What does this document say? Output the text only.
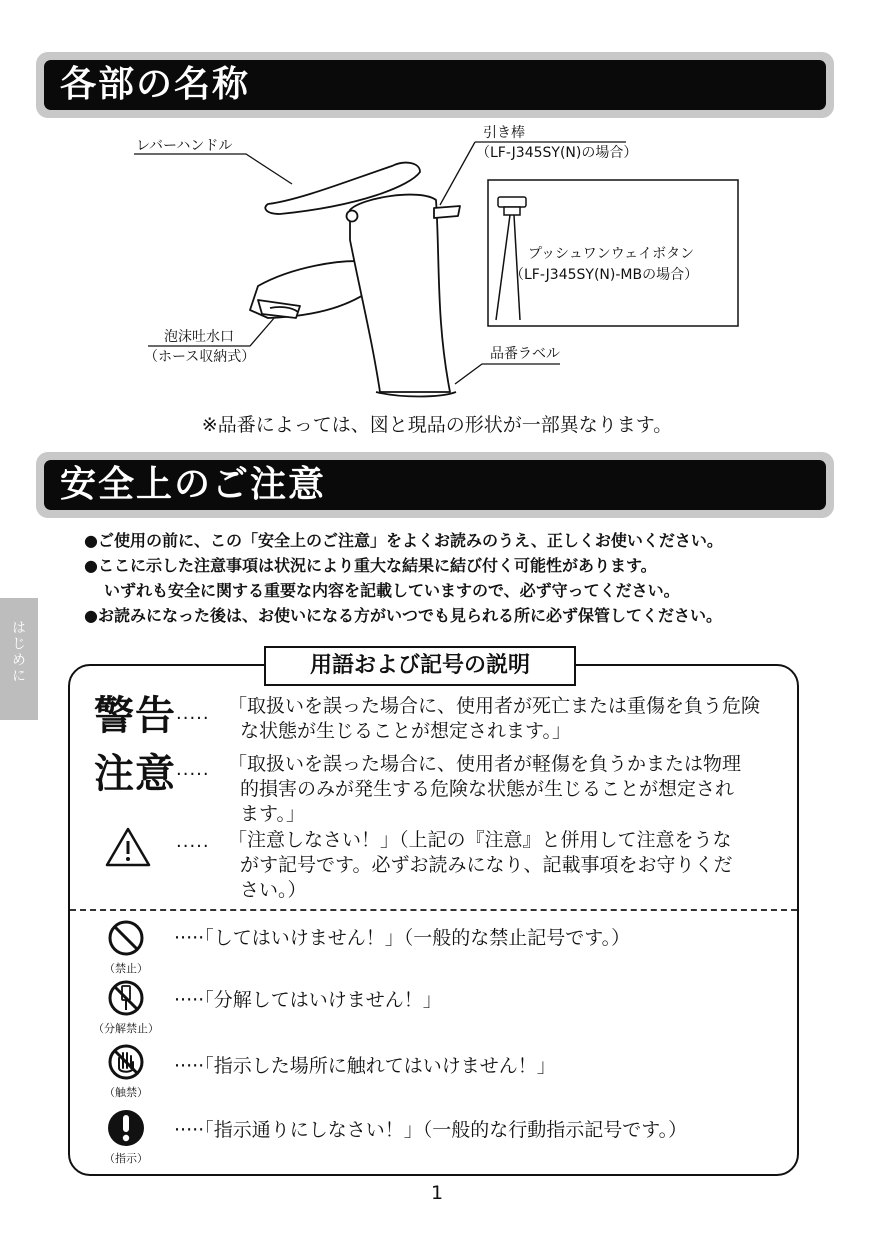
各部の名称
レバーハンドル
引き棒
（LF-J345SY(N)の場合）
プッシュワンウェイボタン
（LF-J345SY(N)-MBの場合）
泡沫吐水口
（ホース収納式）	品番ラベル
※品番によっては、図と現品の形状が一部異なります。
安全上のご注意
●ご使用の前に、この「安全上のご注意」をよくお読みのうえ、正しくお使いください。
●ここに示した注意事項は状況により重大な結果に結び付く可能性があります。
いずれも安全に関する重要な内容を記載していますので、必ず守ってください。
●お読みになった後は、お使いになる方がいつでも見られる所に必ず保管してください。
はじめに	用語および記号の説明
警告 ·····
「取扱いを誤った場合に、使用者が死亡または重傷を負う危険
な状態が生じることが想定されます。」
注意 ····· 「取扱いを誤った場合に、使用者が軽傷を負うかまたは物理
的損害のみが発生する危険な状態が生じることが想定され
ます。」
····· 「注意しなさい！」（上記の『注意』と併用して注意をうな
がす記号です。必ずお読みになり、記載事項をお守りくだ
さい。）
（禁止）
·····「してはいけません！」（一般的な禁止記号です。）
（分解禁止）
·····「分解してはいけません！」
（触禁）
·····「指示した場所に触れてはいけません！」
（指示）
·····「指示通りにしなさい！」（一般的な行動指示記号です。）
1
